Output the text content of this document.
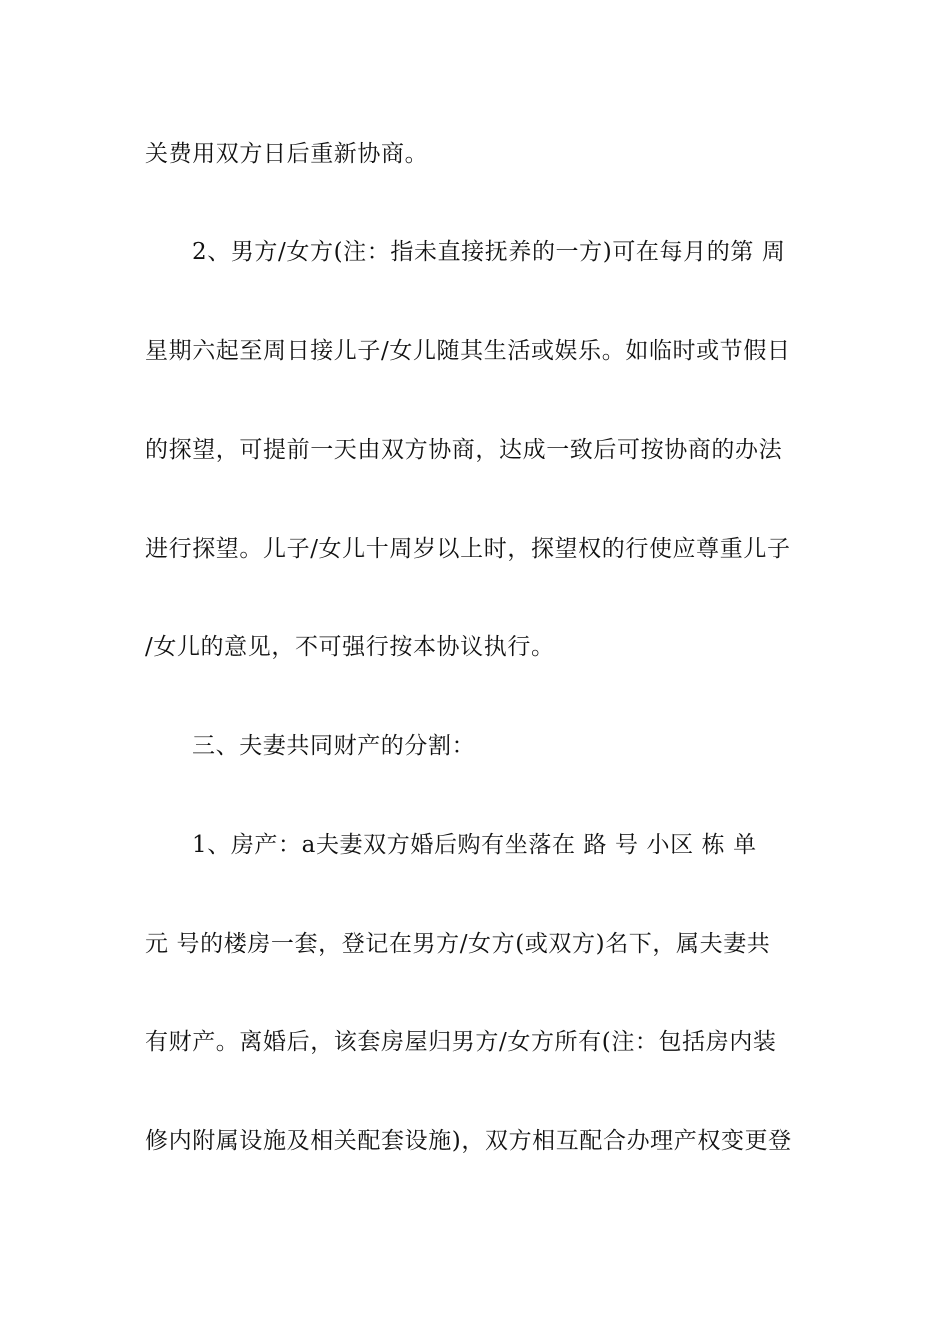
关费用双方日后重新协商。
2、男方/女方(注：指未直接抚养的一方)可在每月的第 周
星期六起至周日接儿子/女儿随其生活或娱乐。如临时或节假日
的探望，可提前一天由双方协商，达成一致后可按协商的办法
进行探望。儿子/女儿十周岁以上时，探望权的行使应尊重儿子
/女儿的意见，不可强行按本协议执行。
三、夫妻共同财产的分割：
1、房产：a夫妻双方婚后购有坐落在 路 号 小区 栋 单
元 号的楼房一套，登记在男方/女方(或双方)名下，属夫妻共
有财产。离婚后，该套房屋归男方/女方所有(注：包括房内装
修内附属设施及相关配套设施)，双方相互配合办理产权变更登
